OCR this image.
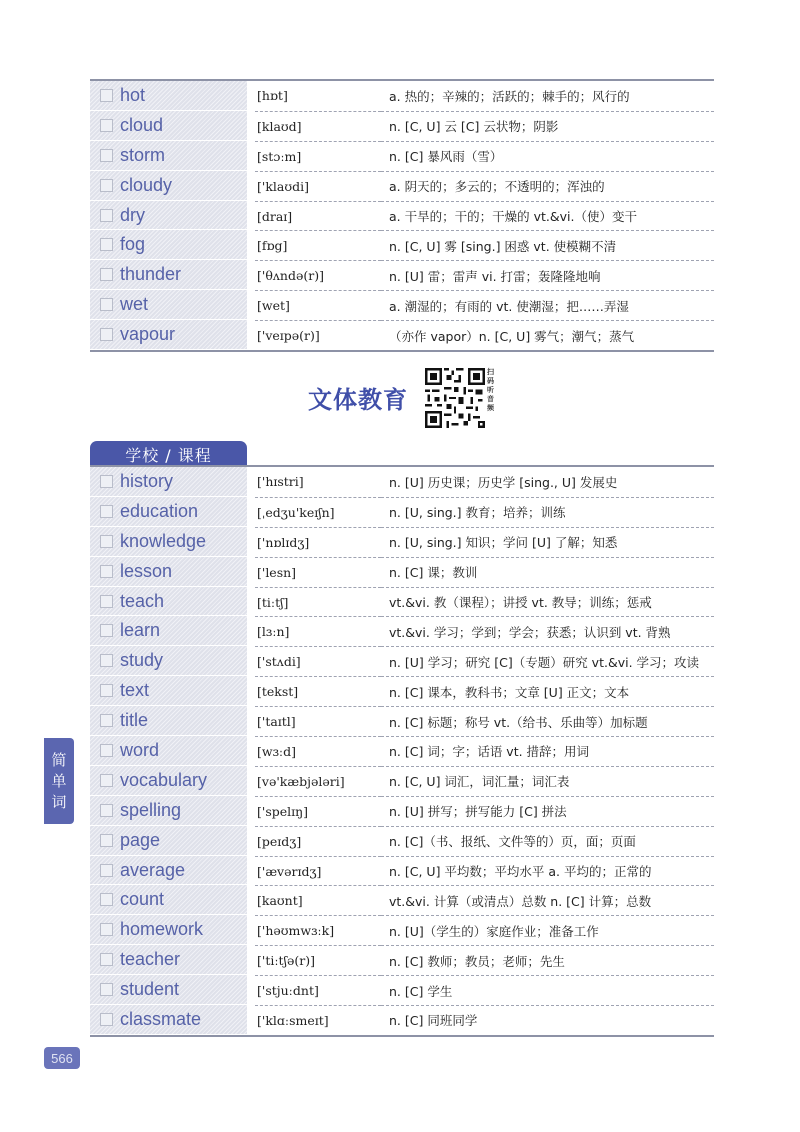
hot	[hɒt]	a. 热的；辛辣的；活跃的；棘手的；风行的
cloud	[klaʊd]	n. [C, U] 云 [C] 云状物；阴影
storm	[stɔːm]	n. [C] 暴风雨（雪）
cloudy	['klaʊdi]	a. 阴天的；多云的；不透明的；浑浊的
dry	[draɪ]	a. 干旱的；干的；干燥的 vt.&vi.（使）变干
fog	[fɒg]	n. [C, U] 雾 [sing.] 困惑 vt. 使模糊不清
thunder	['θʌndə(r)]	n. [U] 雷；雷声 vi. 打雷；轰隆隆地响
wet	[wet]	a. 潮湿的；有雨的 vt. 使潮湿；把……弄湿
vapour	['veɪpə(r)]	（亦作 vapor）n. [C, U] 雾气；潮气；蒸气
文体教育
扫码听音频
学校 / 课程
history	['hɪstri]	n. [U] 历史课；历史学 [sing., U] 发展史
education	[ˌedʒu'keɪʃn]	n. [U, sing.] 教育；培养；训练
knowledge	['nɒlɪdʒ]	n. [U, sing.] 知识；学问 [U] 了解；知悉
lesson	['lesn]	n. [C] 课；教训
teach	[tiːtʃ]	vt.&vi. 教（课程）；讲授 vt. 教导；训练；惩戒
learn	[lɜːn]	vt.&vi. 学习；学到；学会；获悉；认识到 vt. 背熟
study	['stʌdi]	n. [U] 学习；研究 [C]（专题）研究 vt.&vi. 学习；攻读
text	[tekst]	n. [C] 课本，教科书；文章 [U] 正文；文本
title	['taɪtl]	n. [C] 标题；称号 vt.（给书、乐曲等）加标题
word	[wɜːd]	n. [C] 词；字；话语 vt. 措辞；用词
vocabulary	[və'kæbjələri]	n. [C, U] 词汇，词汇量；词汇表
spelling	['spelɪŋ]	n. [U] 拼写；拼写能力 [C] 拼法
page	[peɪdʒ]	n. [C]（书、报纸、文件等的）页，面；页面
average	['ævərɪdʒ]	n. [C, U] 平均数；平均水平 a. 平均的；正常的
count	[kaʊnt]	vt.&vi. 计算（或清点）总数 n. [C] 计算；总数
homework	['həʊmwɜːk]	n. [U]（学生的）家庭作业；准备工作
teacher	['tiːtʃə(r)]	n. [C] 教师；教员；老师；先生
student	['stjuːdnt]	n. [C] 学生
classmate	['klɑːsmeɪt]	n. [C] 同班同学
简
单
词
566
